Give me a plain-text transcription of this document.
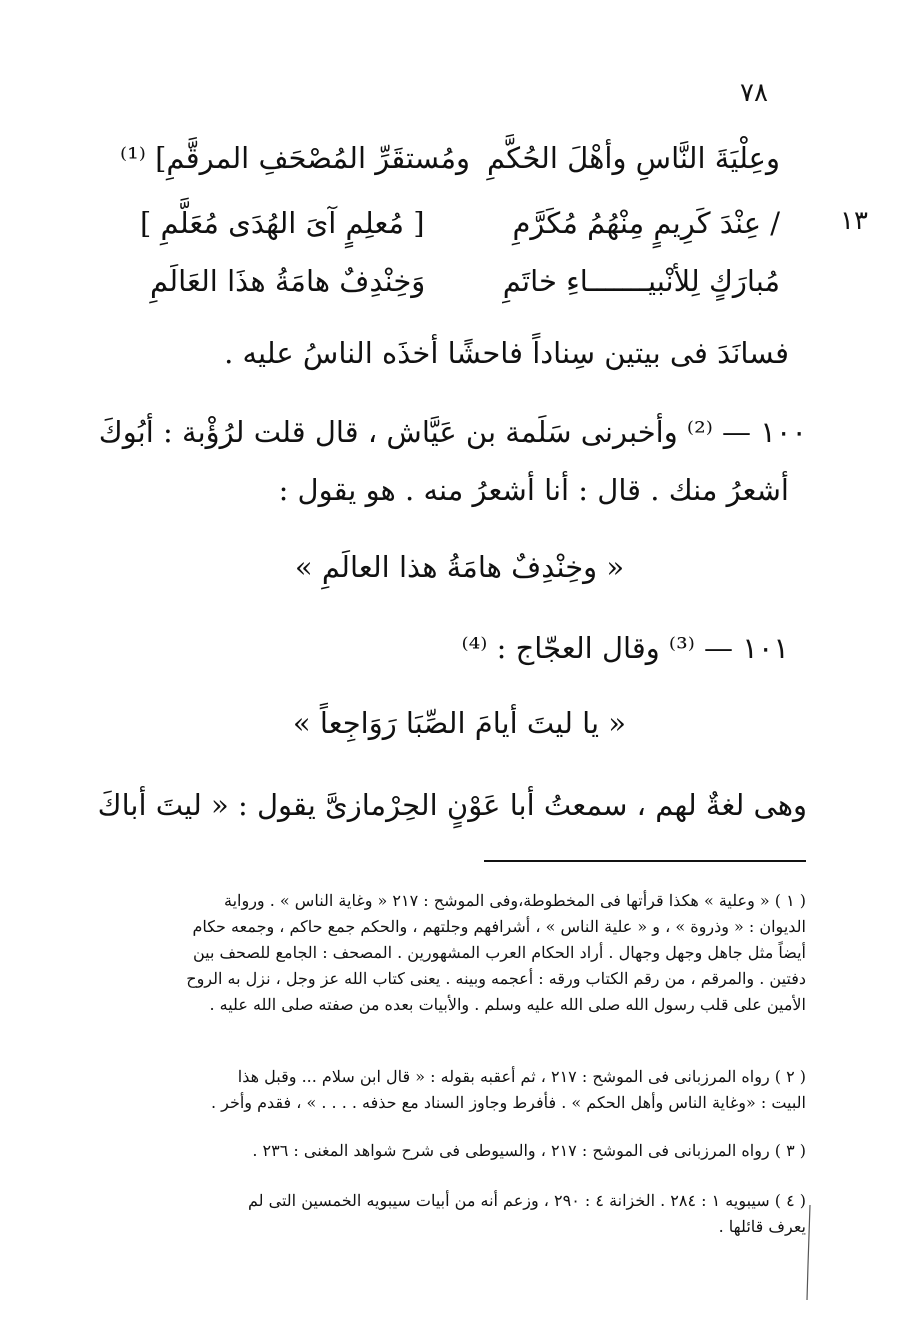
٧٨
١٣
وعِلْيَةَ النَّاسِ وأهْلَ الحُكَّمِ
ومُستقَرِّ المُصْحَفِ المرقَّمِ] ⁽¹⁾
/ عِنْدَ كَرِيمٍ مِنْهُمُ مُكَرَّمِ
[ مُعلِمٍ آىَ الهُدَى مُعَلَّمِ ]
مُبارَكٍ لِلأنْبيـــــــاءِ خاتَمِ
وَخِنْدِفٌ هامَةُ هذَا العَالَمِ
فسانَدَ فى بيتين سِناداً فاحشًا أخذَه الناسُ عليه .
١٠٠ — ⁽²⁾ وأخبرنى سَلَمة بن عَيَّاش ، قال قلت لرُؤْبة : أبُوكَ
أشعرُ منك . قال : أنا أشعرُ منه . هو يقول :
« وخِنْدِفٌ هامَةُ هذا العالَمِ »
١٠١ — ⁽³⁾ وقال العجّاج : ⁽⁴⁾
« يا ليتَ أيامَ الصِّبَا رَوَاجِعاً »
وهى لغةٌ لهم ، سمعتُ أبا عَوْنٍ الحِرْمازىَّ يقول : « ليتَ أباكَ

( ١ ) « وعلية » هكذا قرأتها فى المخطوطة،وفى الموشح : ٢١٧ « وغاية الناس » . ورواية

الديوان : « وذروة » ، و « علية الناس » ، أشرافهم وجلتهم ، والحكم جمع حاكم ، وجمعه حكام

أيضاً مثل جاهل وجهل وجهال . أراد الحكام العرب المشهورين . المصحف : الجامع للصحف بين

دفتين . والمرقم ، من رقم الكتاب ورقه : أعجمه وبينه . يعنى كتاب الله عز وجل ، نزل به الروح

الأمين على قلب رسول الله صلى الله عليه وسلم . والأبيات بعده من صفته صلى الله عليه .

( ٢ ) رواه المرزبانى فى الموشح : ٢١٧ ، ثم أعقبه بقوله : « قال ابن سلام ... وقبل هذا

البيت : «وغاية الناس وأهل الحكم » . فأفرط وجاوز السناد مع حذفه . . . . » ، فقدم وأخر .

( ٣ ) رواه المرزبانى فى الموشح : ٢١٧ ، والسيوطى فى شرح شواهد المغنى : ٢٣٦ .

( ٤ ) سيبويه ١ : ٢٨٤ . الخزانة ٤ : ٢٩٠ ، وزعم أنه من أبيات سيبويه الخمسين التى لم

يعرف قائلها .
